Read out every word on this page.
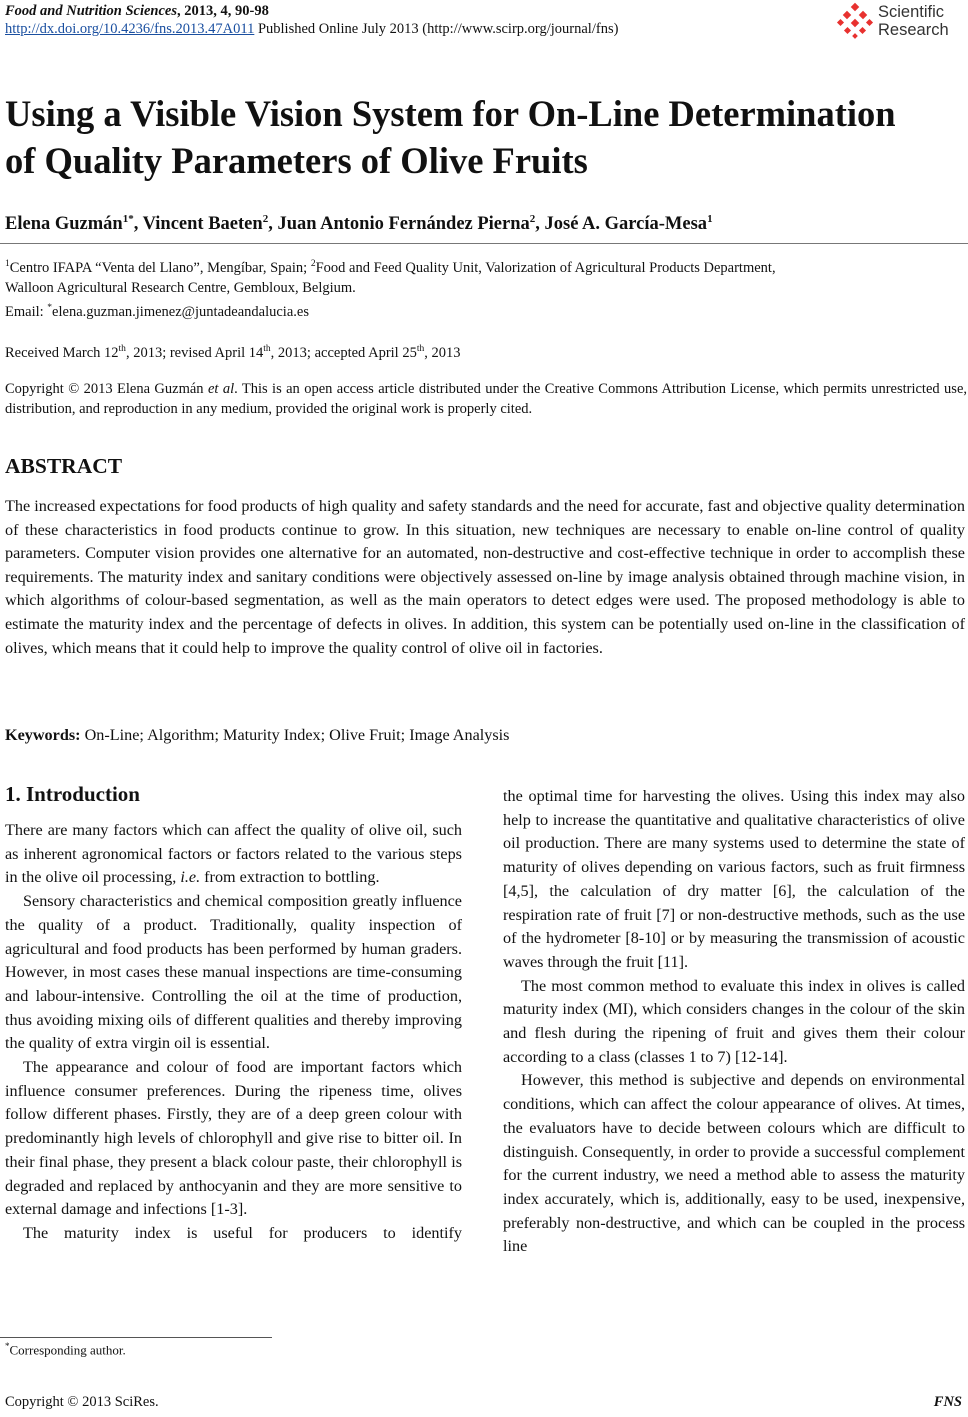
Food and Nutrition Sciences, 2013, 4, 90-98
http://dx.doi.org/10.4236/fns.2013.47A011 Published Online July 2013 (http://www.scirp.org/journal/fns)
Scientific
Research
Using a Visible Vision System for On-Line Determination
of Quality Parameters of Olive Fruits
Elena Guzmán$^{1*}$, Vincent Baeten$^2$, Juan Antonio Fernández Pierna$^2$, José A. García-Mesa$^1$
$^1$Centro IFAPA “Venta del Llano”, Mengíbar, Spain; $^2$Food and Feed Quality Unit, Valorization of Agricultural Products Department,
Walloon Agricultural Research Centre, Gembloux, Belgium.
Email: *elena.guzman.jimenez@juntadeandalucia.es
Received March 12th, 2013; revised April 14th, 2013; accepted April 25th, 2013
Copyright © 2013 Elena Guzmán et al. This is an open access article distributed under the Creative Commons Attribution License, which permits unrestricted use, distribution, and reproduction in any medium, provided the original work is properly cited.
ABSTRACT
The increased expectations for food products of high quality and safety standards and the need for accurate, fast and objective quality determination of these characteristics in food products continue to grow. In this situation, new techniques are necessary to enable on-line control of quality parameters. Computer vision provides one alternative for an automated, non-destructive and cost-effective technique in order to accomplish these requirements. The maturity index and sanitary conditions were objectively assessed on-line by image analysis obtained through machine vision, in which algorithms of colour-based segmentation, as well as the main operators to detect edges were used. The proposed methodology is able to estimate the maturity index and the percentage of defects in olives. In addition, this system can be potentially used on-line in the classification of olives, which means that it could help to improve the quality control of olive oil in factories.
Keywords: On-Line; Algorithm; Maturity Index; Olive Fruit; Image Analysis
1. Introduction

There are many factors which can affect the quality of olive oil, such as inherent agronomical factors or factors related to the various steps in the olive oil processing, i.e. from extraction to bottling.

Sensory characteristics and chemical composition greatly influence the quality of a product. Traditionally, quality inspection of agricultural and food products has been performed by human graders. However, in most cases these manual inspections are time-consuming and labour-intensive. Controlling the oil at the time of production, thus avoiding mixing oils of different qualities and thereby improving the quality of extra virgin oil is essential.

The appearance and colour of food are important factors which influence consumer preferences. During the ripeness time, olives follow different phases. Firstly, they are of a deep green colour with predominantly high levels of chlorophyll and give rise to bitter oil. In their final phase, they present a black colour paste, their chlorophyll is degraded and replaced by anthocyanin and they are more sensitive to external damage and infections [1-3].

The maturity index is useful for producers to identify

the optimal time for harvesting the olives. Using this index may also help to increase the quantitative and qualitative characteristics of olive oil production. There are many systems used to determine the state of maturity of olives depending on various factors, such as fruit firmness [4,5], the calculation of dry matter [6], the calculation of the respiration rate of fruit [7] or non-destructive methods, such as the use of the hydrometer [8-10] or by measuring the transmission of acoustic waves through the fruit [11].

The most common method to evaluate this index in olives is called maturity index (MI), which considers changes in the colour of the skin and flesh during the ripening of fruit and gives them their colour according to a class (classes 1 to 7) [12-14].

However, this method is subjective and depends on environmental conditions, which can affect the colour appearance of olives. At times, the evaluators have to decide between colours which are difficult to distinguish. Consequently, in order to provide a successful complement for the current industry, we need a method able to assess the maturity index accurately, which is, additionally, easy to be used, inexpensive, preferably non-destructive, and which can be coupled in the process line

*Corresponding author.
Copyright © 2013 SciRes.	FNS
